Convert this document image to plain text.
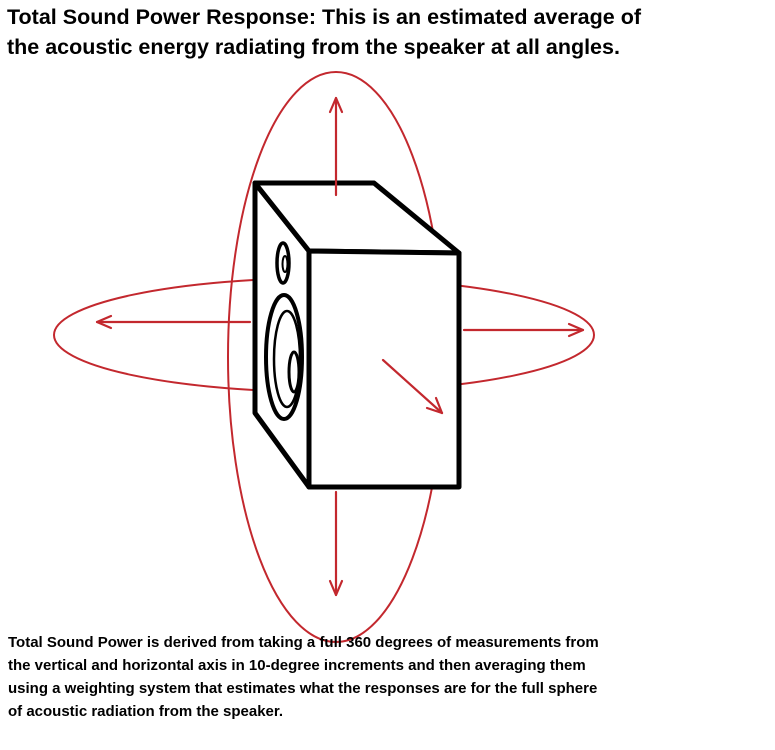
Total Sound Power Response: This is an estimated average of
the acoustic energy radiating from the speaker at all angles.

Total Sound Power is derived from taking a full 360 degrees of measurements from
the vertical and horizontal axis in 10-degree increments and then averaging them
using a weighting system that estimates what the responses are for the full sphere
of acoustic radiation from the speaker.
